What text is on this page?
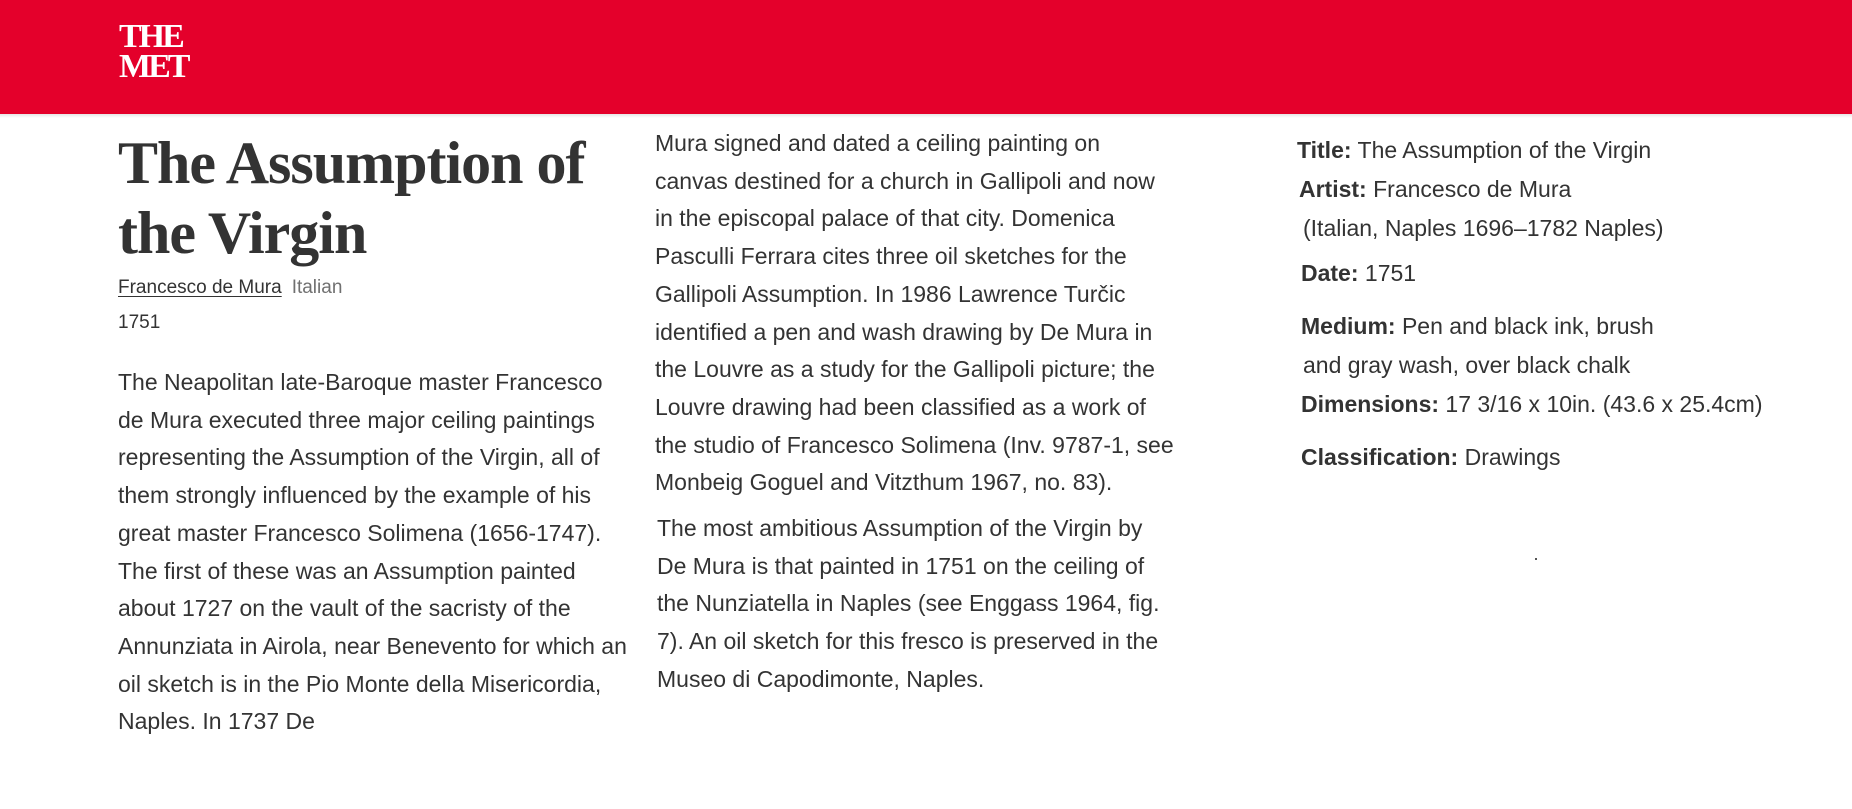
THE
MET
The Assumption of the Virgin
Francesco de Mura Italian
1751

The Neapolitan late-Baroque master Francesco de Mura executed three major ceiling paintings representing the Assumption of the Virgin, all of them strongly influenced by the example of his great master Francesco Solimena (1656-1747). The first of these was an Assumption painted about 1727 on the vault of the sacristy of the Annunziata in Airola, near Benevento for which an oil sketch is in the Pio Monte della Misericordia, Naples. In 1737 De

Mura signed and dated a ceiling painting on canvas destined for a church in Gallipoli and now in the episcopal palace of that city. Domenica Pasculli Ferrara cites three oil sketches for the Gallipoli Assumption. In 1986 Lawrence Turčic identified a pen and wash drawing by De Mura in the Louvre as a study for the Gallipoli picture; the Louvre drawing had been classified as a work of the studio of Francesco Solimena (Inv. 9787-1, see Monbeig Goguel and Vitzthum 1967, no. 83).

The most ambitious Assumption of the Virgin by De Mura is that painted in 1751 on the ceiling of the Nunziatella in Naples (see Enggass 1964, fig. 7). An oil sketch for this fresco is preserved in the Museo di Capodimonte, Naples.

Title: The Assumption of the Virgin

Artist: Francesco de Mura

(Italian, Naples 1696–1782 Naples)

Date: 1751

Medium: Pen and black ink, brush

and gray wash, over black chalk

Dimensions: 17 3/16 x 10in. (43.6 x 25.4cm)

Classification: Drawings
